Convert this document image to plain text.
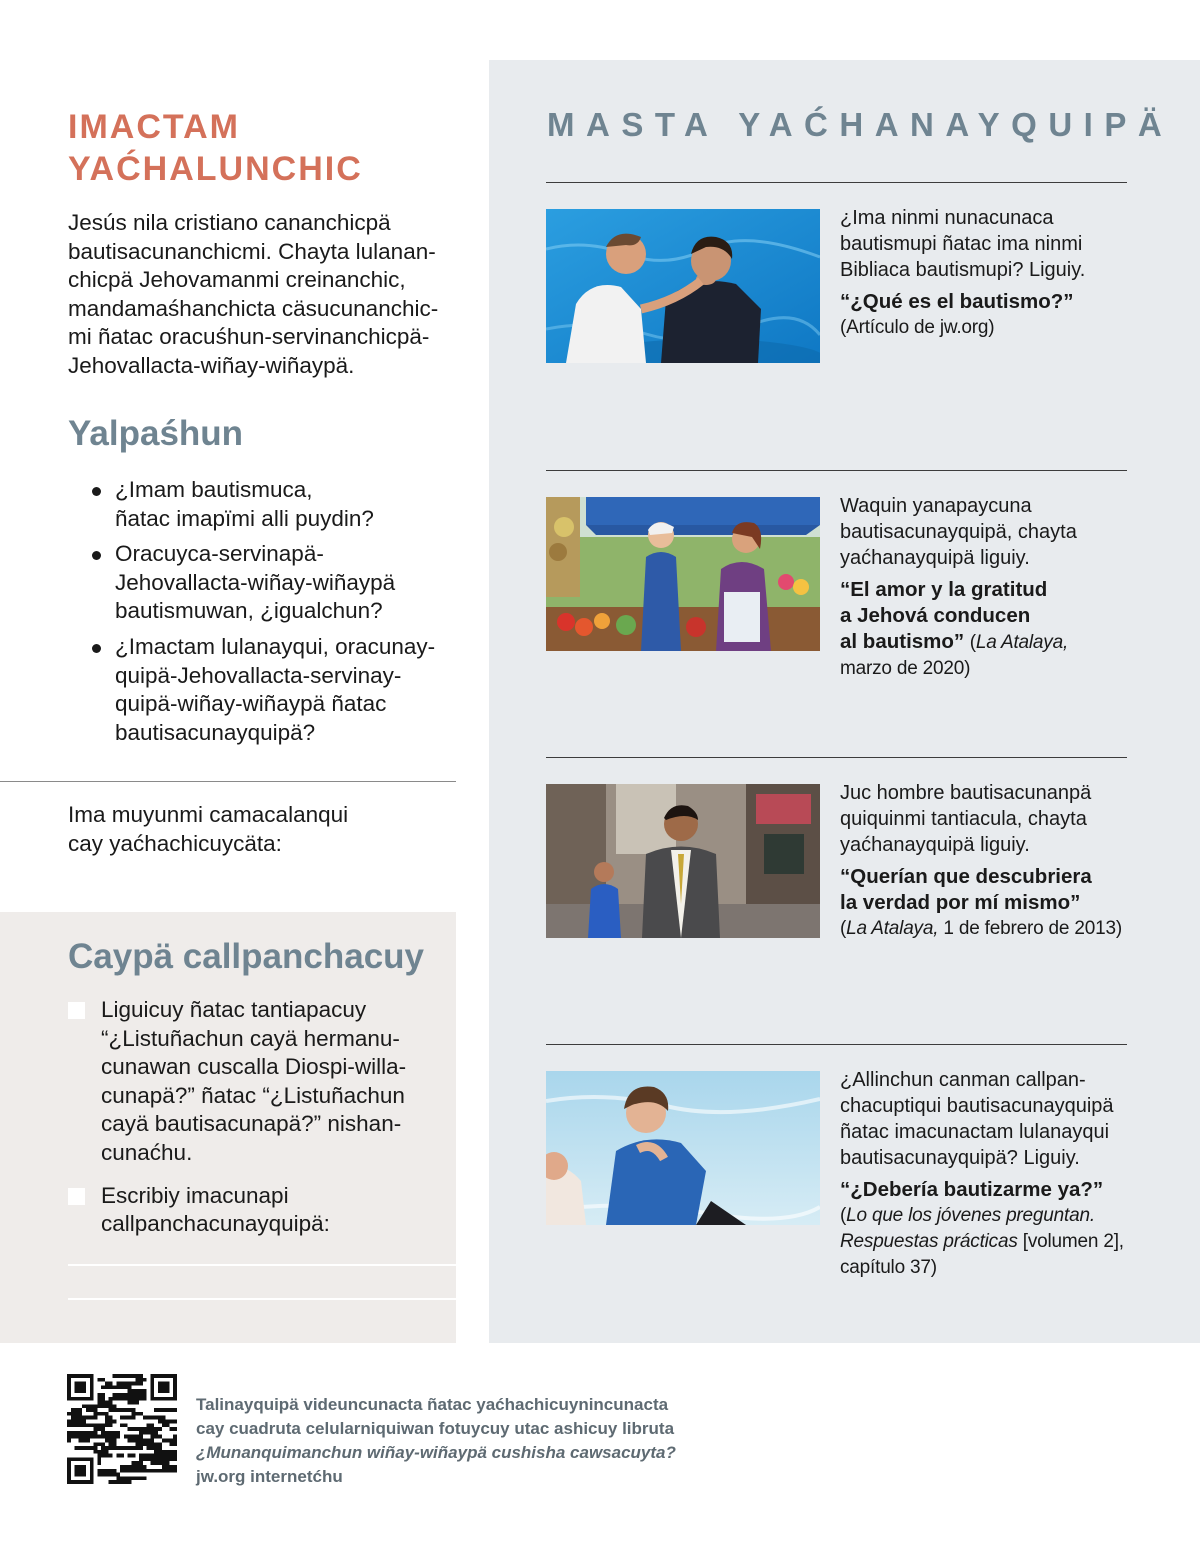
IMACTAM
YAĆHALUNCHIC

Jesús nila cristiano cananchicpä
bautisacunanchicmi. Chayta lulanan-
chicpä Jehovamanmi creinanchic,
mandamaśhanchicta cäsucunanchic-
mi ñatac oracuśhun-servinanchicpä-
Jehovallacta-wiñay-wiñaypä.

Yalpaśhun
¿Imam bautismuca,
ñatac imapïmi alli puydin?
Oracuyca-servinapä-
Jehovallacta-wiñay-wiñaypä
bautismuwan, ¿igualchun?
¿Imactam lulanayqui, oracunay-
quipä-Jehovallacta-servinay-
quipä-wiñay-wiñaypä ñatac
bautisacunayquipä?

Ima muyunmi camacalanqui
cay yaćhachicuycäta:

Caypä callpanchacuy
Liguicuy ñatac tantiapacuy
“¿Listuñachun cayä hermanu-
cunawan cuscalla Diospi-willa-
cunapä?” ñatac “¿Listuñachun
cayä bautisacunapä?” nishan-
cunaćhu.
Escribiy imacunapi
callpanchacunayquipä:
MASTA YAĆHANAYQUIPÄ
¿Ima ninmi nunacunaca
bautismupi ñatac ima ninmi
Bibliaca bautismupi? Liguiy.
“¿Qué es el bautismo?”
(Artículo de jw.org)
Waquin yanapaycuna
bautisacunayquipä, chayta
yaćhanayquipä liguiy.
“El amor y la gratitud
a Jehová conducen
al bautismo” (La Atalaya,
marzo de 2020)
Juc hombre bautisacunanpä
quiquinmi tantiacula, chayta
yaćhanayquipä liguiy.
“Querían que descubriera
la verdad por mí mismo”
(La Atalaya, 1 de febrero de 2013)
¿Allinchun canman callpan-
chacuptiqui bautisacunayquipä
ñatac imacunactam lulanayqui
bautisacunayquipä? Liguiy.
“¿Debería bautizarme ya?”
(Lo que los jóvenes preguntan.
Respuestas prácticas [volumen 2],
capítulo 37)
Talinayquipä videuncunacta ñatac yaćhachicuynincunacta
cay cuadruta celularniquiwan fotuycuy utac ashicuy libruta
¿Munanquimanchun wiñay-wiñaypä cushisha cawsacuyta?
jw.org internetćhu
